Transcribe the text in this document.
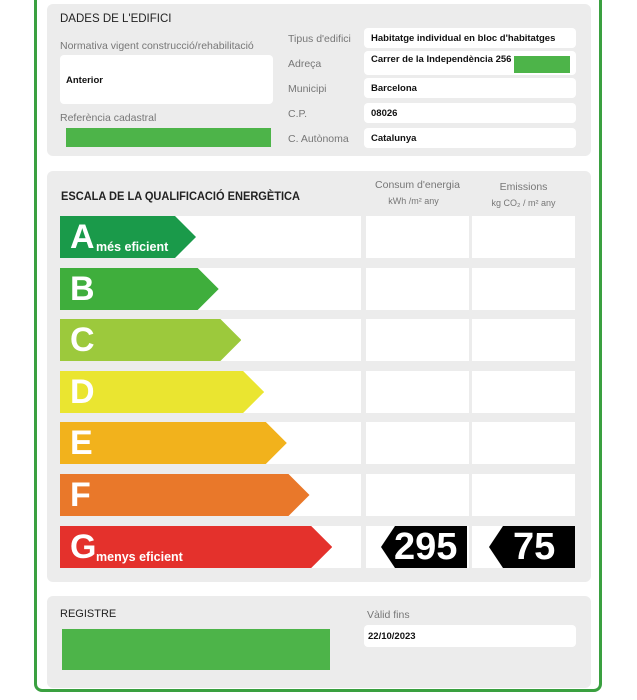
DADES DE L'EDIFICI
Normativa vigent construcció/rehabilitació
Anterior
Referència cadastral
Tipus d'edifici Habitatge individual en bloc d'habitatges
Adreça	Carrer de la Independència 256
Municipi	Barcelona
C.P.	08026
C. Autònoma Catalunya
ESCALA DE LA QUALIFICACIÓ ENERGÈTICA
Consum d'energia
kWh /m² any
Emissions
kg CO₂ / m² any
A més eficient
B
C
D
E
F
G menys eficient	295 75
REGISTRE	Vàlid fins
22/10/2023
